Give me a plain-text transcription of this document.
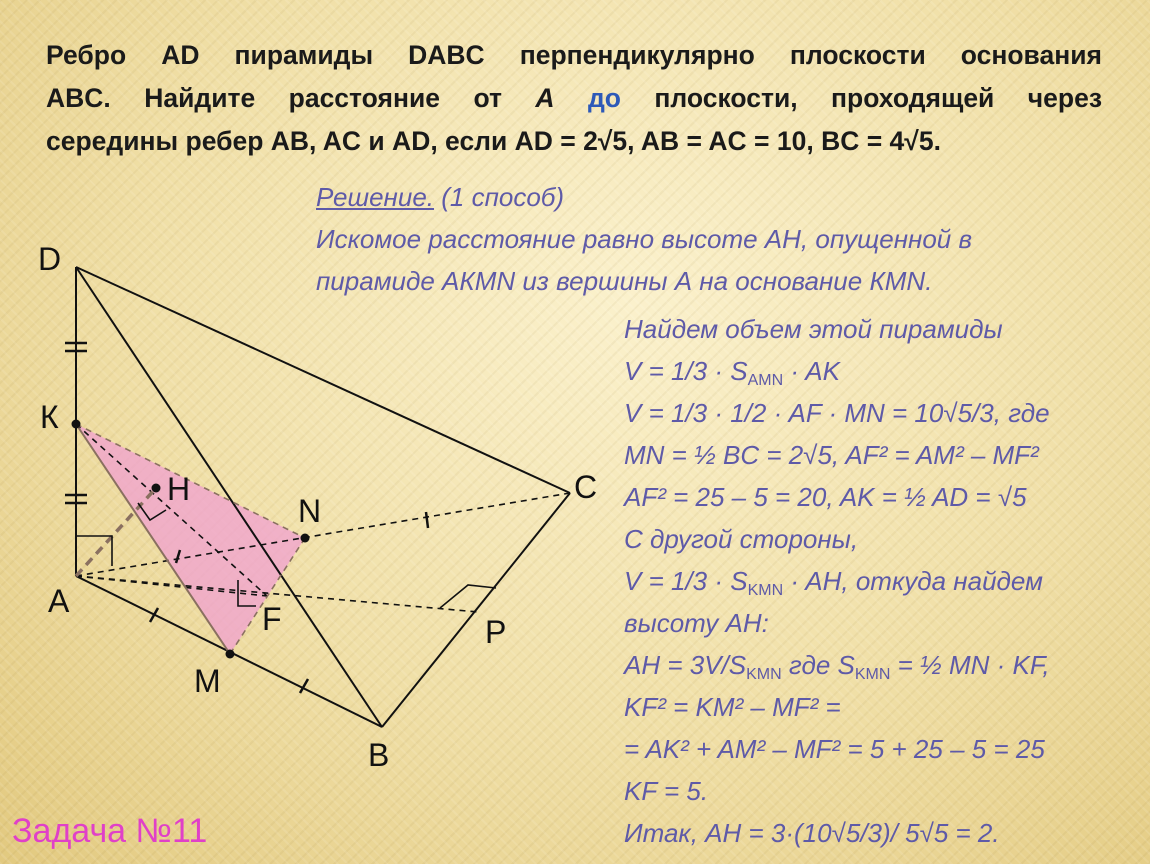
Ребро AD пирамиды DABC перпендикулярно плоскости основания
ABC. Найдите расстояние от A до плоскости, проходящей через
середины ребер AB, AC и AD, если AD = 2√5, AB = AC = 10, BC = 4√5.
Решение. (1 способ)
Искомое расстояние равно высоте АН, опущенной в
пирамиде АКМN из вершины А на основание КМN.
Найдем объем этой пирамиды
$V = 1/3 \cdot S_{AMN}$ · AK
V = 1/3 · 1/2 · AF · MN = 10√5/3, где
MN = ½ BC = 2√5, AF² = AM² – MF²
AF² = 25 – 5 = 20, AK = ½ AD = √5
С другой стороны,
$V = 1/3 \cdot S_{KMN}$ · AH, откуда найдем
высоту АН:
АН = $3V/S_{KMN}$ где $S_{KMN}$ = ½ MN · KF,
KF² = KM² – MF² =
= AK² + AM² – MF² = 5 + 25 – 5 = 25
KF = 5.
Итак, АН = 3·(10√5/3)/ 5√5 = 2.
Задача №11
D
К
H
N
C
A	F	P
M
B
